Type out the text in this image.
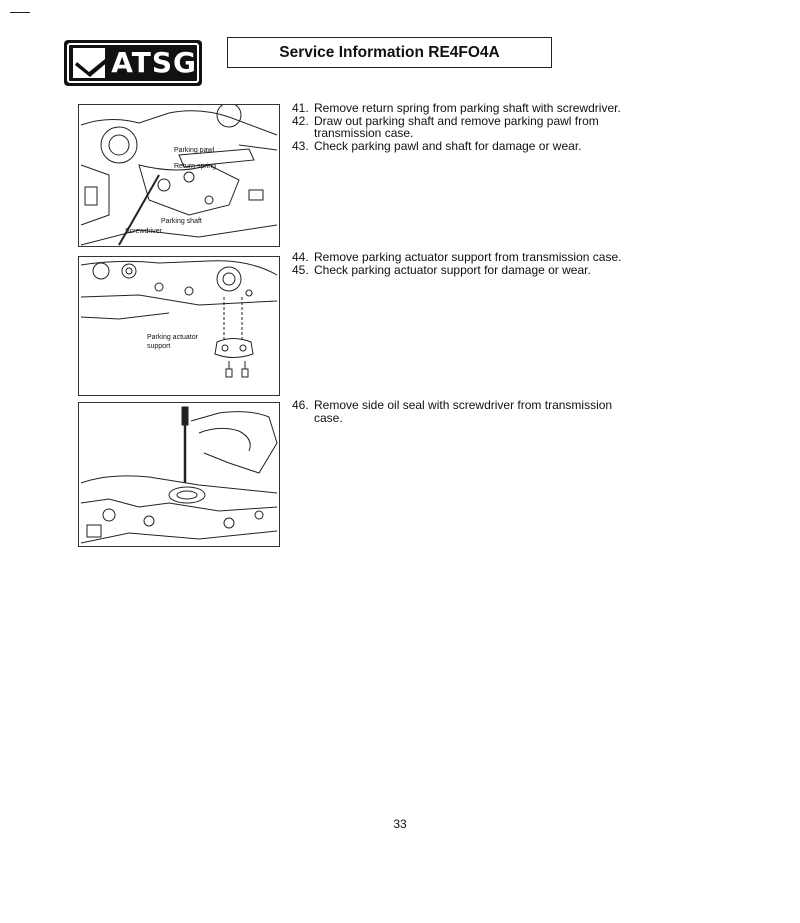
ATSG	Service Information RE4FO4A
Parking pawl
Return spring
Parking shaft
Screwdriver
Parking actuator
support
41. Remove return spring from parking shaft with screwdriver.
42. Draw out parking shaft and remove parking pawl from transmission case.
43. Check parking pawl and shaft for damage or wear.
44. Remove parking actuator support from transmission case.
45. Check parking actuator support for damage or wear.
46. Remove side oil seal with screwdriver from transmission case.
33
